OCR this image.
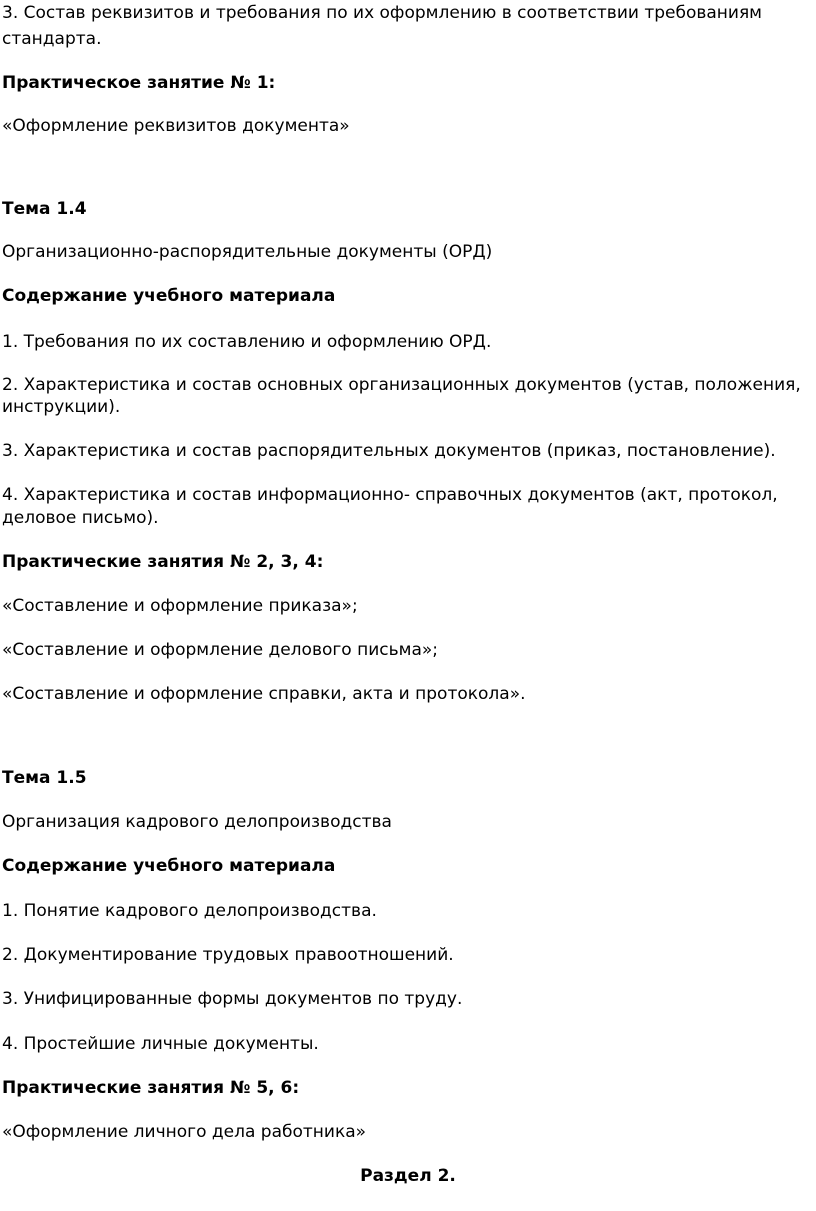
3. Состав реквизитов и требования по их оформлению в соответствии требованиям

стандарта.

Практическое занятие № 1:

«Оформление реквизитов документа»

Тема 1.4

Организационно-распорядительные документы (ОРД)

Содержание учебного материала

1. Требования по их составлению и оформлению ОРД.

2. Характеристика и состав основных организационных документов (устав, положения,

инструкции).

3. Характеристика и состав распорядительных документов (приказ, постановление).

4. Характеристика и состав информационно- справочных документов (акт, протокол,

деловое письмо).

Практические занятия № 2, 3, 4:

«Составление и оформление приказа»;

«Составление и оформление делового письма»;

«Составление и оформление справки, акта и протокола».

Тема 1.5

Организация кадрового делопроизводства

Содержание учебного материала

1. Понятие кадрового делопроизводства.

2. Документирование трудовых правоотношений.

3. Унифицированные формы документов по труду.

4. Простейшие личные документы.

Практические занятия № 5, 6:

«Оформление личного дела работника»

Раздел 2.
